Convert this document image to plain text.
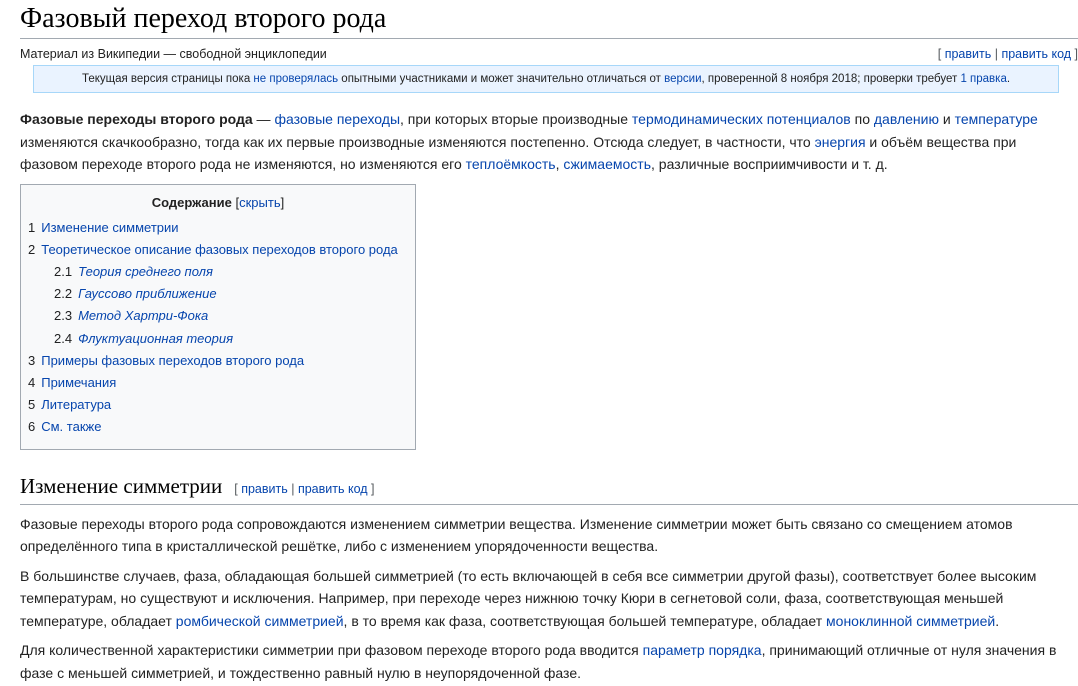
Фазовый переход второго рода
Материал из Википедии — свободной энциклопедии	[ править | править код ]
Текущая версия страницы пока не проверялась опытными участниками и может значительно отличаться от версии, проверенной 8 ноября 2018; проверки требует 1 правка.

Фазовые переходы второго рода — фазовые переходы, при которых вторые производные термодинамических потенциалов по давлению и температуре изменяются скачкообразно, тогда как их первые производные изменяются постепенно. Отсюда следует, в частности, что энергия и объём вещества при фазовом переходе второго рода не изменяются, но изменяются его теплоёмкость, сжимаемость, различные восприимчивости и т. д.

Содержание [скрыть]
1 Изменение симметрии
2 Теоретическое описание фазовых переходов второго рода
2.1 Теория среднего поля
2.2 Гауссово приближение
2.3 Метод Хартри-Фока
2.4 Флуктуационная теория
3 Примеры фазовых переходов второго рода
4 Примечания
5 Литература
6 См. также
Изменение симметрии [ править | править код ]

Фазовые переходы второго рода сопровождаются изменением симметрии вещества. Изменение симметрии может быть связано со смещением атомов определённого типа в кристаллической решётке, либо с изменением упорядоченности вещества.

В большинстве случаев, фаза, обладающая большей симметрией (то есть включающей в себя все симметрии другой фазы), соответствует более высоким температурам, но существуют и исключения. Например, при переходе через нижнюю точку Кюри в сегнетовой соли, фаза, соответствующая меньшей температуре, обладает ромбической симметрией, в то время как фаза, соответствующая большей температуре, обладает моноклинной симметрией.

Для количественной характеристики симметрии при фазовом переходе второго рода вводится параметр порядка, принимающий отличные от нуля значения в фазе с меньшей симметрией, и тождественно равный нулю в неупорядоченной фазе.
